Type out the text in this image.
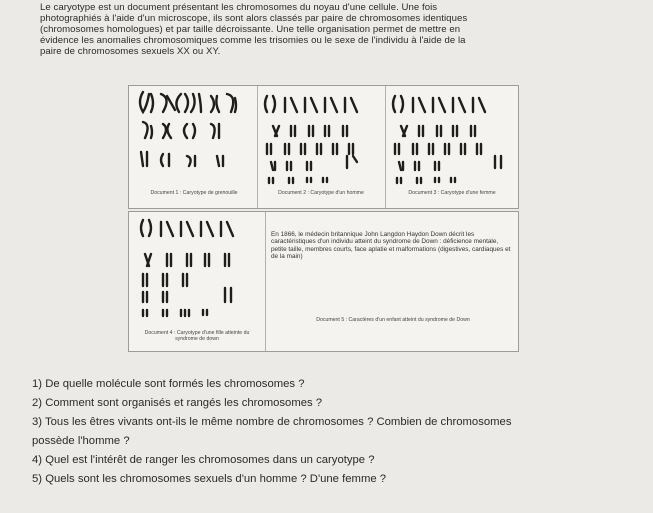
Le caryotype est un document présentant les chromosomes du noyau d'une cellule. Une fois

photographiés à l'aide d'un microscope, ils sont alors classés par paire de chromosomes identiques

(chromosomes homologues) et par taille décroissante. Une telle organisation permet de mettre en

évidence les anomalies chromosomiques comme les trisomies ou le sexe de l'individu à l'aide de la

paire de chromosomes sexuels XX ou XY.

Document 1 : Caryotype de grenouille	Document 2 : Caryotype d'un homme	Document 3 : Caryotype d'une femme
Document 4 : Caryotype d'une fille atteinte du syndrome de down
En 1866, le médecin britannique John Langdon Haydon Down décrit les caractéristiques d'un individu atteint du syndrome de Down : déficience mentale, petite taille, membres courts, face aplatie et malformations (digestives, cardiaques et de la main)
Document 5 : Caractères d'un enfant atteint du syndrome de Down

1) De quelle molécule sont formés les chromosomes ?

2) Comment sont organisés et rangés les chromosomes ?

3) Tous les êtres vivants ont-ils le même nombre de chromosomes ? Combien de chromosomes

possède l'homme ?

4) Quel est l'intérêt de ranger les chromosomes dans un caryotype ?

5) Quels sont les chromosomes sexuels d'un homme ? D'une femme ?
